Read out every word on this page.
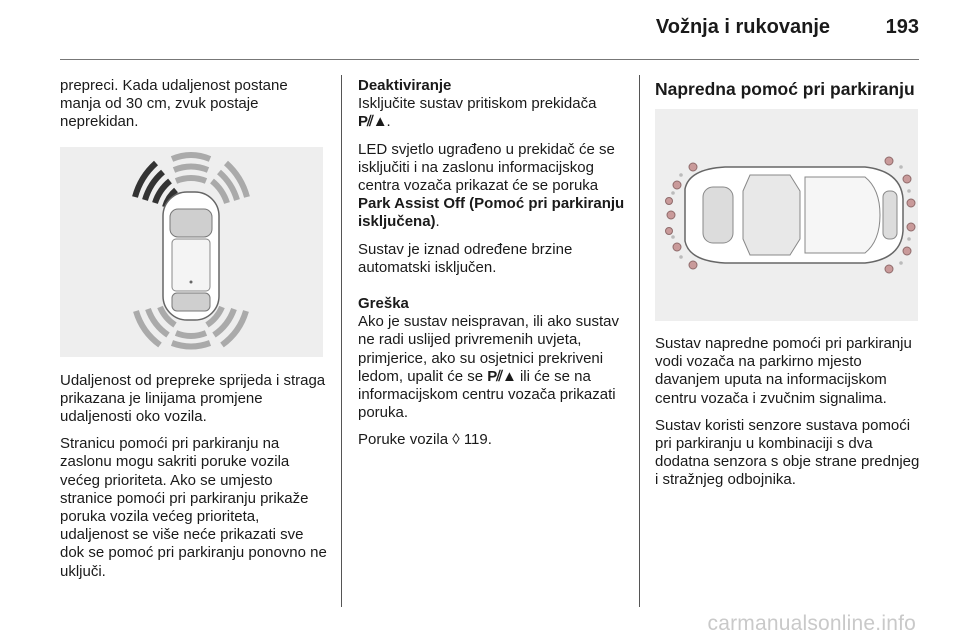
Vožnja i rukovanje	193

prepreci. Kada udaljenost postane manja od 30 cm, zvuk postaje neprekidan.

Udaljenost od prepreke sprijeda i straga prikazana je linijama promjene udaljenosti oko vozila.

Stranicu pomoći pri parkiranju na zaslonu mogu sakriti poruke vozila većeg prioriteta. Ako se umjesto stranice pomoći pri parkiranju prikaže poruka vozila većeg prioriteta, udaljenost se više neće prikazati sve dok se pomoć pri parkiranju ponovno ne uključi.

Deaktiviranje

Isključite sustav pritiskom prekidača
P⫽▲.

LED svjetlo ugrađeno u prekidač će se isključiti i na zaslonu informacijskog centra vozača prikazat će se poruka Park Assist Off (Pomoć pri parkiranju isključena).

Sustav je iznad određene brzine automatski isključen.

Greška

Ako je sustav neispravan, ili ako sustav ne radi uslijed privremenih uvjeta, primjerice, ako su osjetnici prekriveni ledom, upalit će se P⫽▲ ili će se na informacijskom centru vozača prikazati poruka.

Poruke vozila ◊ 119.

Napredna pomoć pri parkiranju

Sustav napredne pomoći pri parkiranju vodi vozača na parkirno mjesto davanjem uputa na informacijskom centru vozača i zvučnim signalima.

Sustav koristi senzore sustava pomoći pri parkiranju u kombinaciji s dva dodatna senzora s obje strane prednjeg i stražnjeg odbojnika.

carmanualsonline.info
